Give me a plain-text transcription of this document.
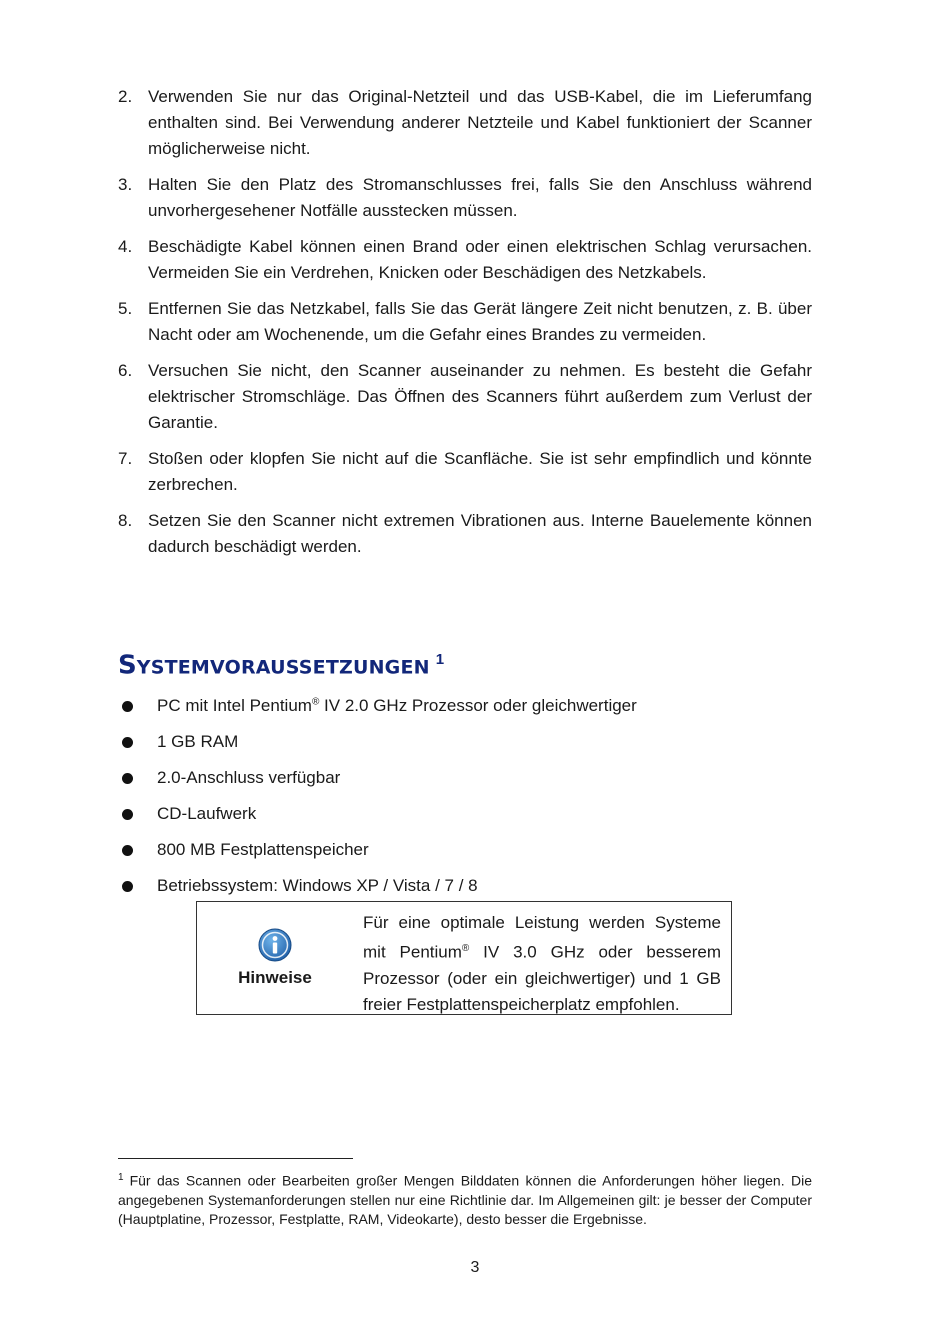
2. Verwenden Sie nur das Original-Netzteil und das USB-Kabel, die im Lieferumfang enthalten sind. Bei Verwendung anderer Netzteile und Kabel funktioniert der Scanner möglicherweise nicht.
3. Halten Sie den Platz des Stromanschlusses frei, falls Sie den Anschluss während unvorhergesehener Notfälle ausstecken müssen.
4. Beschädigte Kabel können einen Brand oder einen elektrischen Schlag verursachen. Vermeiden Sie ein Verdrehen, Knicken oder Beschädigen des Netzkabels.
5. Entfernen Sie das Netzkabel, falls Sie das Gerät längere Zeit nicht benutzen, z. B. über Nacht oder am Wochenende, um die Gefahr eines Brandes zu vermeiden.
6. Versuchen Sie nicht, den Scanner auseinander zu nehmen. Es besteht die Gefahr elektrischer Stromschläge. Das Öffnen des Scanners führt außerdem zum Verlust der Garantie.
7. Stoßen oder klopfen Sie nicht auf die Scanfläche. Sie ist sehr empfindlich und könnte zerbrechen.
8. Setzen Sie den Scanner nicht extremen Vibrationen aus. Interne Bauelemente können dadurch beschädigt werden.
SYSTEMVORAUSSETZUNGEN $^1$
PC mit Intel Pentium® IV 2.0 GHz Prozessor oder gleichwertiger
1 GB RAM
2.0-Anschluss verfügbar
CD-Laufwerk
800 MB Festplattenspeicher
Betriebssystem: Windows XP / Vista / 7 / 8
Hinweise
Für eine optimale Leistung werden Systeme mit Pentium® IV 3.0 GHz oder besserem Prozessor (oder ein gleichwertiger) und 1 GB freier Festplattenspeicherplatz empfohlen.
$^1$ Für das Scannen oder Bearbeiten großer Mengen Bilddaten können die Anforderungen höher liegen. Die angegebenen Systemanforderungen stellen nur eine Richtlinie dar. Im Allgemeinen gilt: je besser der Computer (Hauptplatine, Prozessor, Festplatte, RAM, Videokarte), desto besser die Ergebnisse.
3
